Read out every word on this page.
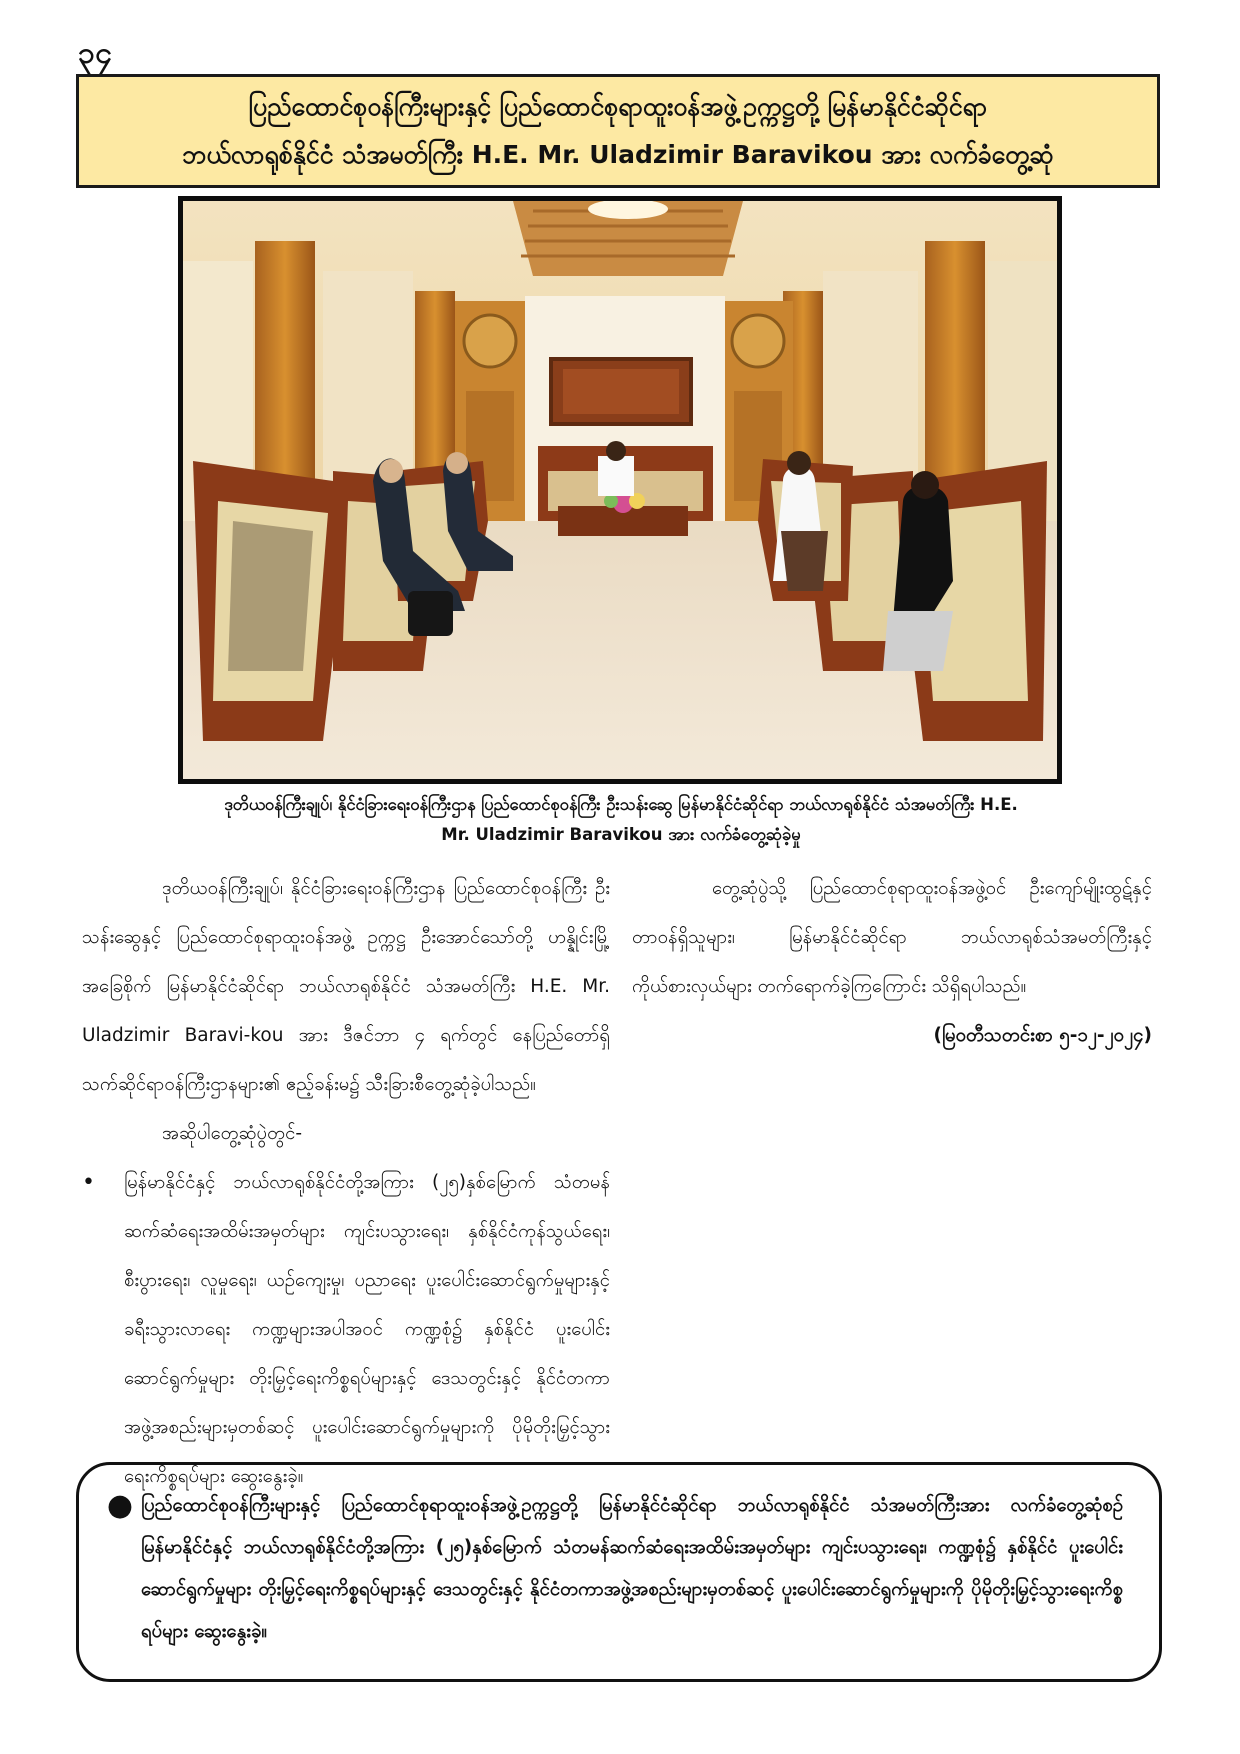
၃၄
ပြည်ထောင်စုဝန်ကြီးများနှင့် ပြည်ထောင်စုရာထူးဝန်အဖွဲ့ဥက္ကဋ္ဌတို့ မြန်မာနိုင်ငံဆိုင်ရာ
ဘယ်လာရုစ်နိုင်ငံ သံအမတ်ကြီး H.E. Mr. Uladzimir Baravikou အား လက်ခံတွေ့ဆုံ
ဒုတိယဝန်ကြီးချုပ်၊ နိုင်ငံခြားရေးဝန်ကြီးဌာန ပြည်ထောင်စုဝန်ကြီး ဦးသန်းဆွေ မြန်မာနိုင်ငံဆိုင်ရာ ဘယ်လာရုစ်နိုင်ငံ သံအမတ်ကြီး H.E.
Mr. Uladzimir Baravikou အား လက်ခံတွေ့ဆုံခဲ့မှု

ဒုတိယဝန်ကြီးချုပ်၊ နိုင်ငံခြားရေးဝန်ကြီးဌာန ပြည်ထောင်စုဝန်ကြီး ဦးသန်းဆွေနှင့် ပြည်ထောင်စုရာထူးဝန်အဖွဲ့ ဥက္ကဋ္ဌ ဦးအောင်သော်တို့ ဟန္နိုင်းမြို့အခြေစိုက် မြန်မာနိုင်ငံဆိုင်ရာ ဘယ်လာရုစ်နိုင်ငံ သံအမတ်ကြီး H.E. Mr. Uladzimir Baravi-kou အား ဒီဇင်ဘာ ၄ ရက်တွင် နေပြည်တော်ရှိ သက်ဆိုင်ရာဝန်ကြီးဌာနများ၏ ဧည့်ခန်းမ၌ သီးခြားစီတွေ့ဆုံခဲ့ပါသည်။

အဆိုပါတွေ့ဆုံပွဲတွင်-

•	မြန်မာနိုင်ငံနှင့် ဘယ်လာရုစ်နိုင်ငံတို့အကြား (၂၅)နှစ်မြောက် သံတမန်ဆက်ဆံရေးအထိမ်းအမှတ်များ ကျင်းပသွားရေး၊ နှစ်နိုင်ငံကုန်သွယ်ရေး၊ စီးပွားရေး၊ လူမှုရေး၊ ယဉ်ကျေးမှု၊ ပညာရေး ပူးပေါင်းဆောင်ရွက်မှုများနှင့် ခရီးသွားလာရေး ကဏ္ဍများအပါအဝင် ကဏ္ဍစုံ၌ နှစ်နိုင်ငံ ပူးပေါင်းဆောင်ရွက်မှုများ တိုးမြှင့်ရေးကိစ္စရပ်များနှင့် ဒေသတွင်းနှင့် နိုင်ငံတကာအဖွဲ့အစည်းများမှတစ်ဆင့် ပူးပေါင်းဆောင်ရွက်မှုများကို ပိုမိုတိုးမြှင့်သွားရေးကိစ္စရပ်များ ဆွေးနွေးခဲ့။

တွေ့ဆုံပွဲသို့ ပြည်ထောင်စုရာထူးဝန်အဖွဲ့ဝင် ဦးကျော်မျိုးထွဋ်နှင့် တာဝန်ရှိသူများ၊ မြန်မာနိုင်ငံဆိုင်ရာ ဘယ်လာရုစ်သံအမတ်ကြီးနှင့် ကိုယ်စားလှယ်များ တက်ရောက်ခဲ့ကြကြောင်း သိရှိရပါသည်။

(မြဝတီသတင်းစာ ၅-၁၂-၂၀၂၄)

● ပြည်ထောင်စုဝန်ကြီးများနှင့် ပြည်ထောင်စုရာထူးဝန်အဖွဲ့ဥက္ကဋ္ဌတို့ မြန်မာနိုင်ငံဆိုင်ရာ ဘယ်လာရုစ်နိုင်ငံ သံအမတ်ကြီးအား လက်ခံတွေ့ဆုံစဉ် မြန်မာနိုင်ငံနှင့် ဘယ်လာရုစ်နိုင်ငံတို့အကြား (၂၅)နှစ်မြောက် သံတမန်ဆက်ဆံရေးအထိမ်းအမှတ်များ ကျင်းပသွားရေး၊ ကဏ္ဍစုံ၌ နှစ်နိုင်ငံ ပူးပေါင်းဆောင်ရွက်မှုများ တိုးမြှင့်ရေးကိစ္စရပ်များနှင့် ဒေသတွင်းနှင့် နိုင်ငံတကာအဖွဲ့အစည်းများမှတစ်ဆင့် ပူးပေါင်းဆောင်ရွက်မှုများကို ပိုမိုတိုးမြှင့်သွားရေးကိစ္စရပ်များ ဆွေးနွေးခဲ့။
